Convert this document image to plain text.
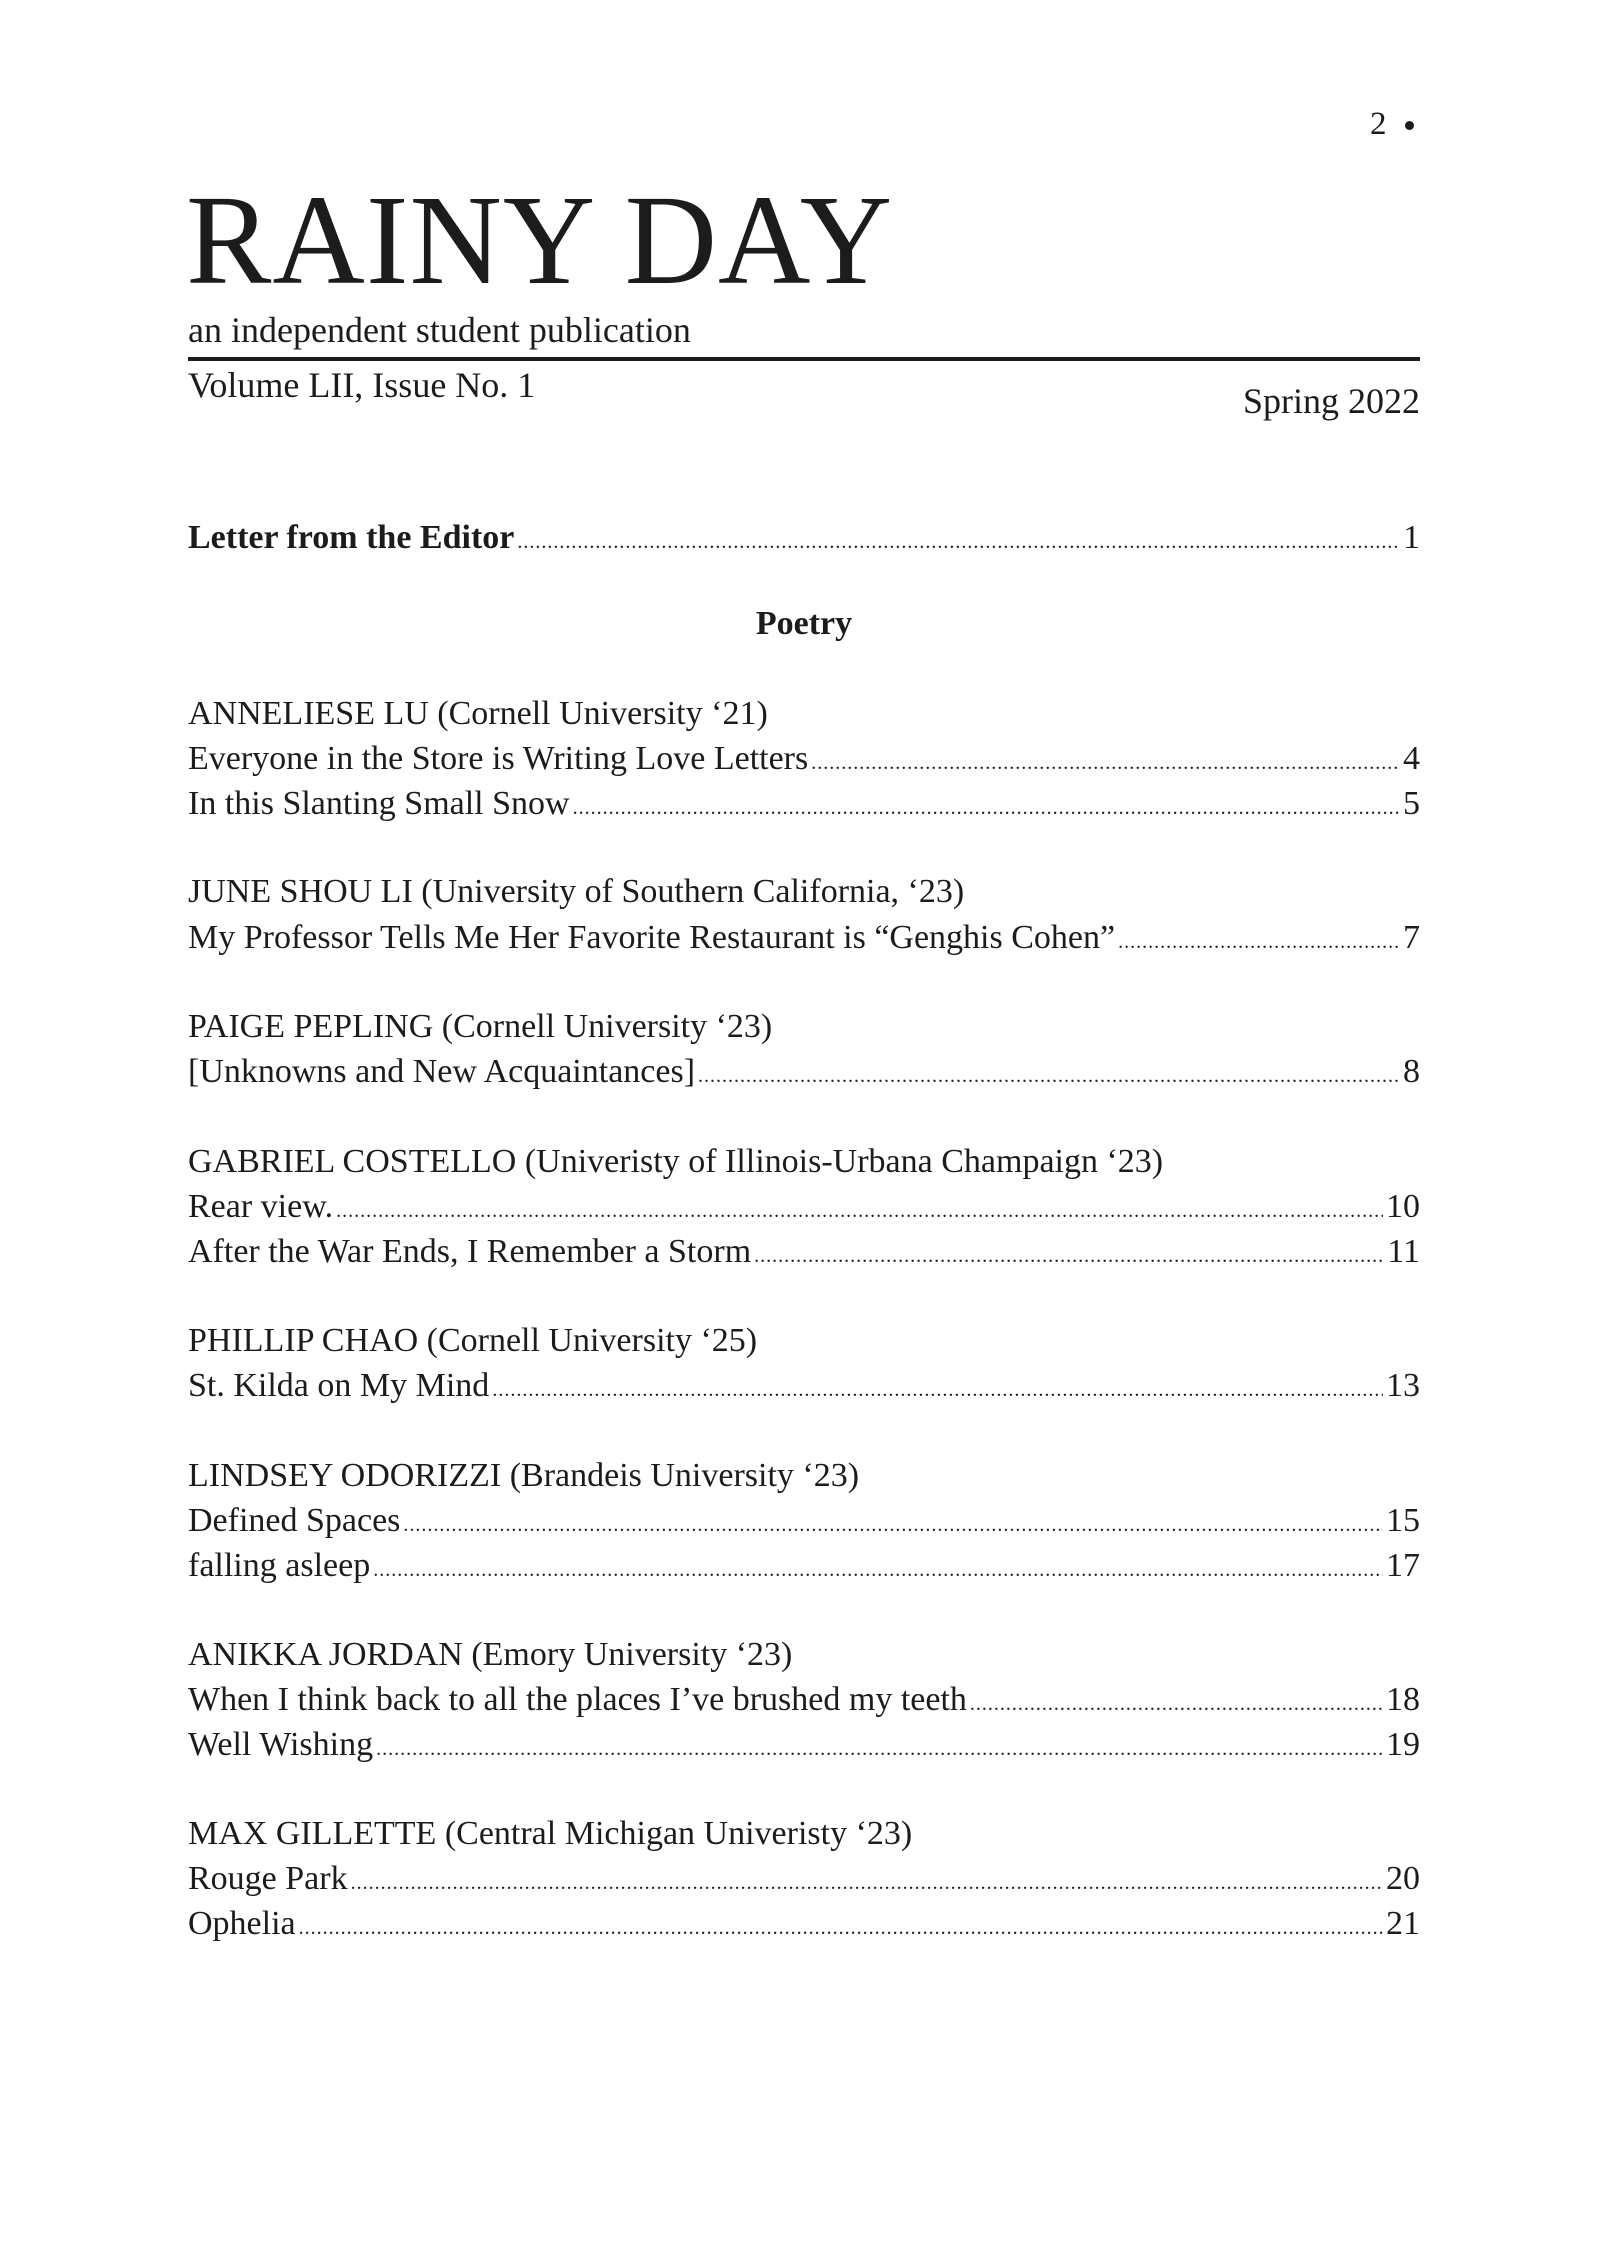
2
RAINY DAY
an independent student publication
Volume LII, Issue No. 1	Spring 2022
Letter from the Editor .....	1
Poetry
ANNELIESE LU (Cornell University ‘21)
Everyone in the Store is Writing Love Letters .....	4
In this Slanting Small Snow .....	5
JUNE SHOU LI (University of Southern California, ‘23)
My Professor Tells Me Her Favorite Restaurant is “Genghis Cohen” .....	7
PAIGE PEPLING (Cornell University ‘23)
[Unknowns and New Acquaintances] .....	8
GABRIEL COSTELLO (Univeristy of Illinois-Urbana Champaign ‘23)
Rear view. .....	10
After the War Ends, I Remember a Storm .....	11
PHILLIP CHAO (Cornell University ‘25)
St. Kilda on My Mind .....	13
LINDSEY ODORIZZI (Brandeis University ‘23)
Defined Spaces .....	15
falling asleep .....	17
ANIKKA JORDAN (Emory University ‘23)
When I think back to all the places I’ve brushed my teeth .....	18
Well Wishing .....	19
MAX GILLETTE (Central Michigan Univeristy ‘23)
Rouge Park .....	20
Ophelia .....	21
